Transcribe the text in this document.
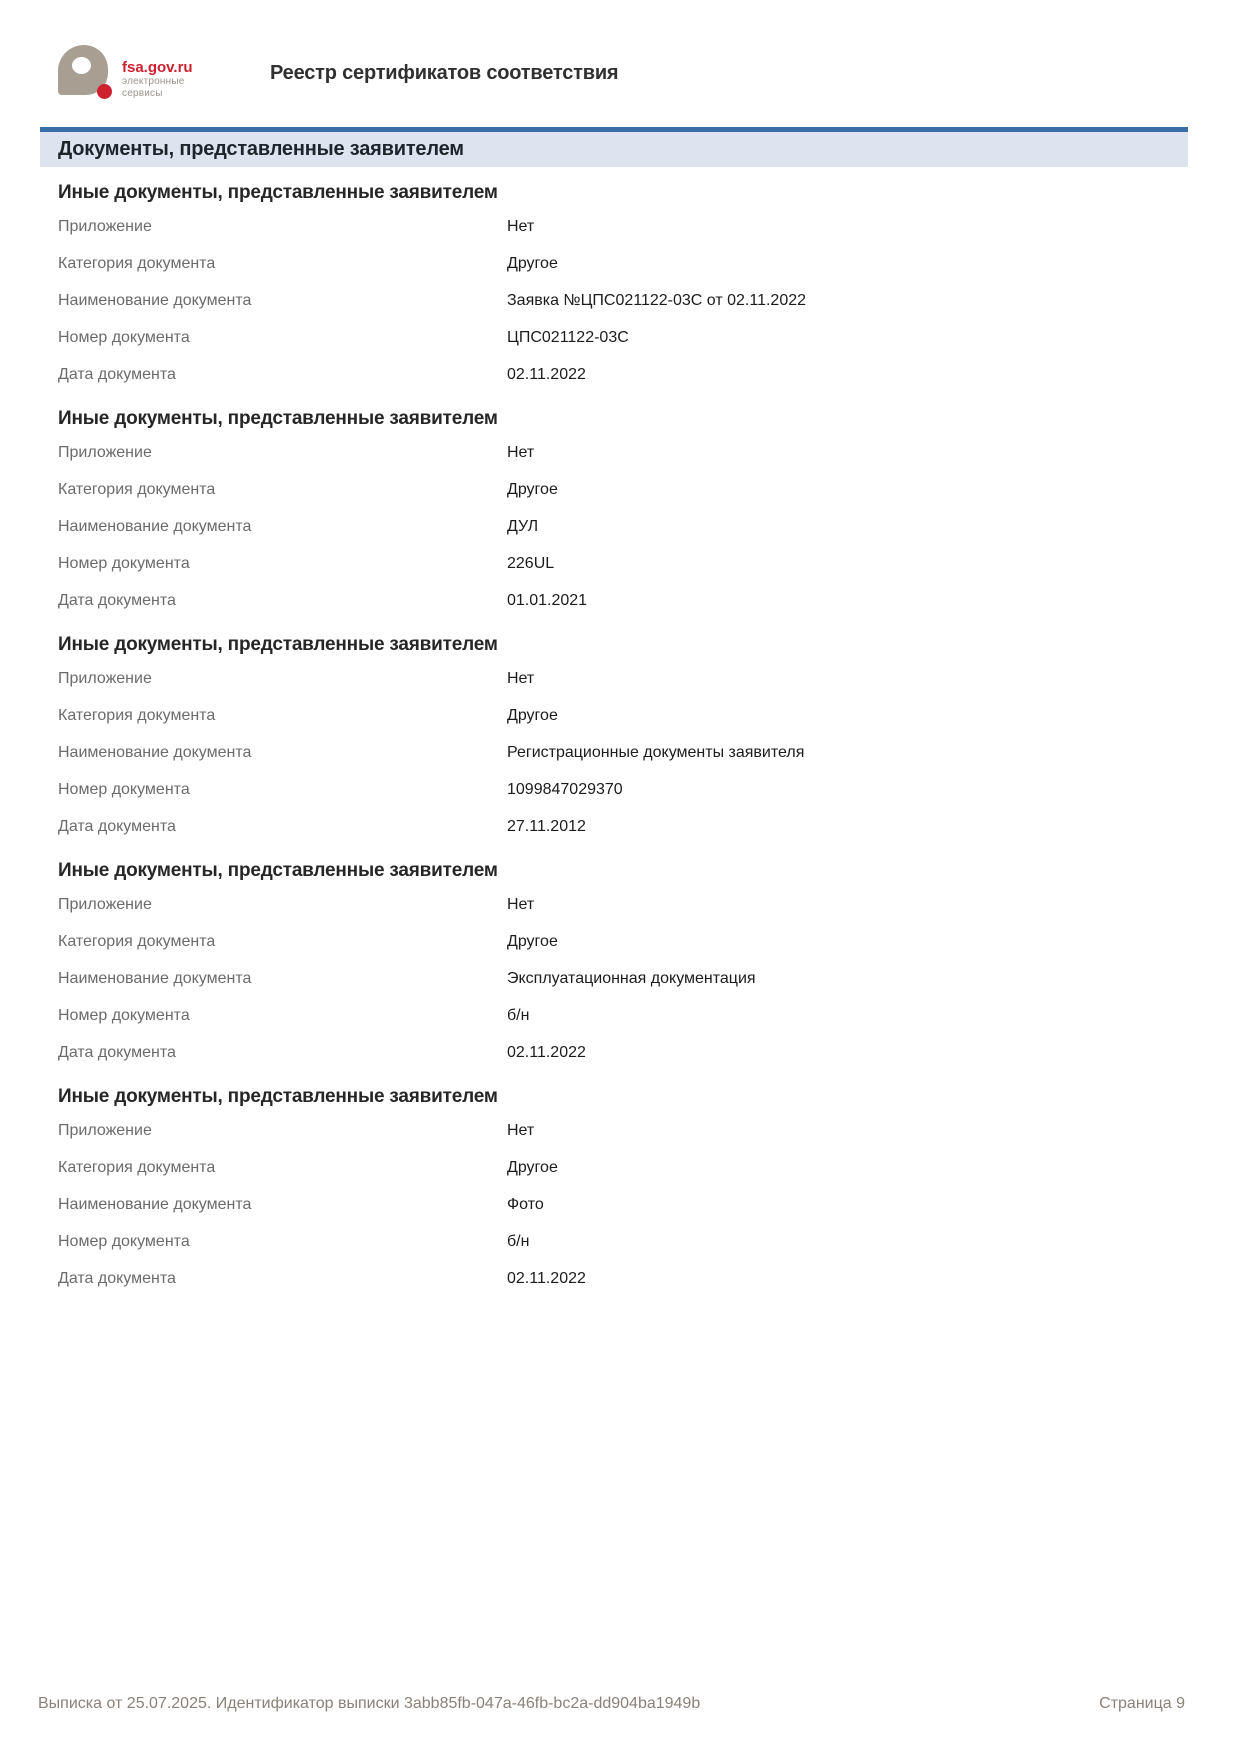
fsa.gov.ru
электронные сервисы
Реестр сертификатов соответствия
Документы, представленные заявителем
Иные документы, представленные заявителем
Приложение	Нет
Категория документа	Другое
Наименование документа	Заявка №ЦПС021122-03С от 02.11.2022
Номер документа	ЦПС021122-03С
Дата документа	02.11.2022
Иные документы, представленные заявителем
Приложение	Нет
Категория документа	Другое
Наименование документа	ДУЛ
Номер документа	226UL
Дата документа	01.01.2021
Иные документы, представленные заявителем
Приложение	Нет
Категория документа	Другое
Наименование документа	Регистрационные документы заявителя
Номер документа	1099847029370
Дата документа	27.11.2012
Иные документы, представленные заявителем
Приложение	Нет
Категория документа	Другое
Наименование документа	Эксплуатационная документация
Номер документа	б/н
Дата документа	02.11.2022
Иные документы, представленные заявителем
Приложение	Нет
Категория документа	Другое
Наименование документа	Фото
Номер документа	б/н
Дата документа	02.11.2022
Выписка от 25.07.2025. Идентификатор выписки 3abb85fb-047a-46fb-bc2a-dd904ba1949b	Страница 9
